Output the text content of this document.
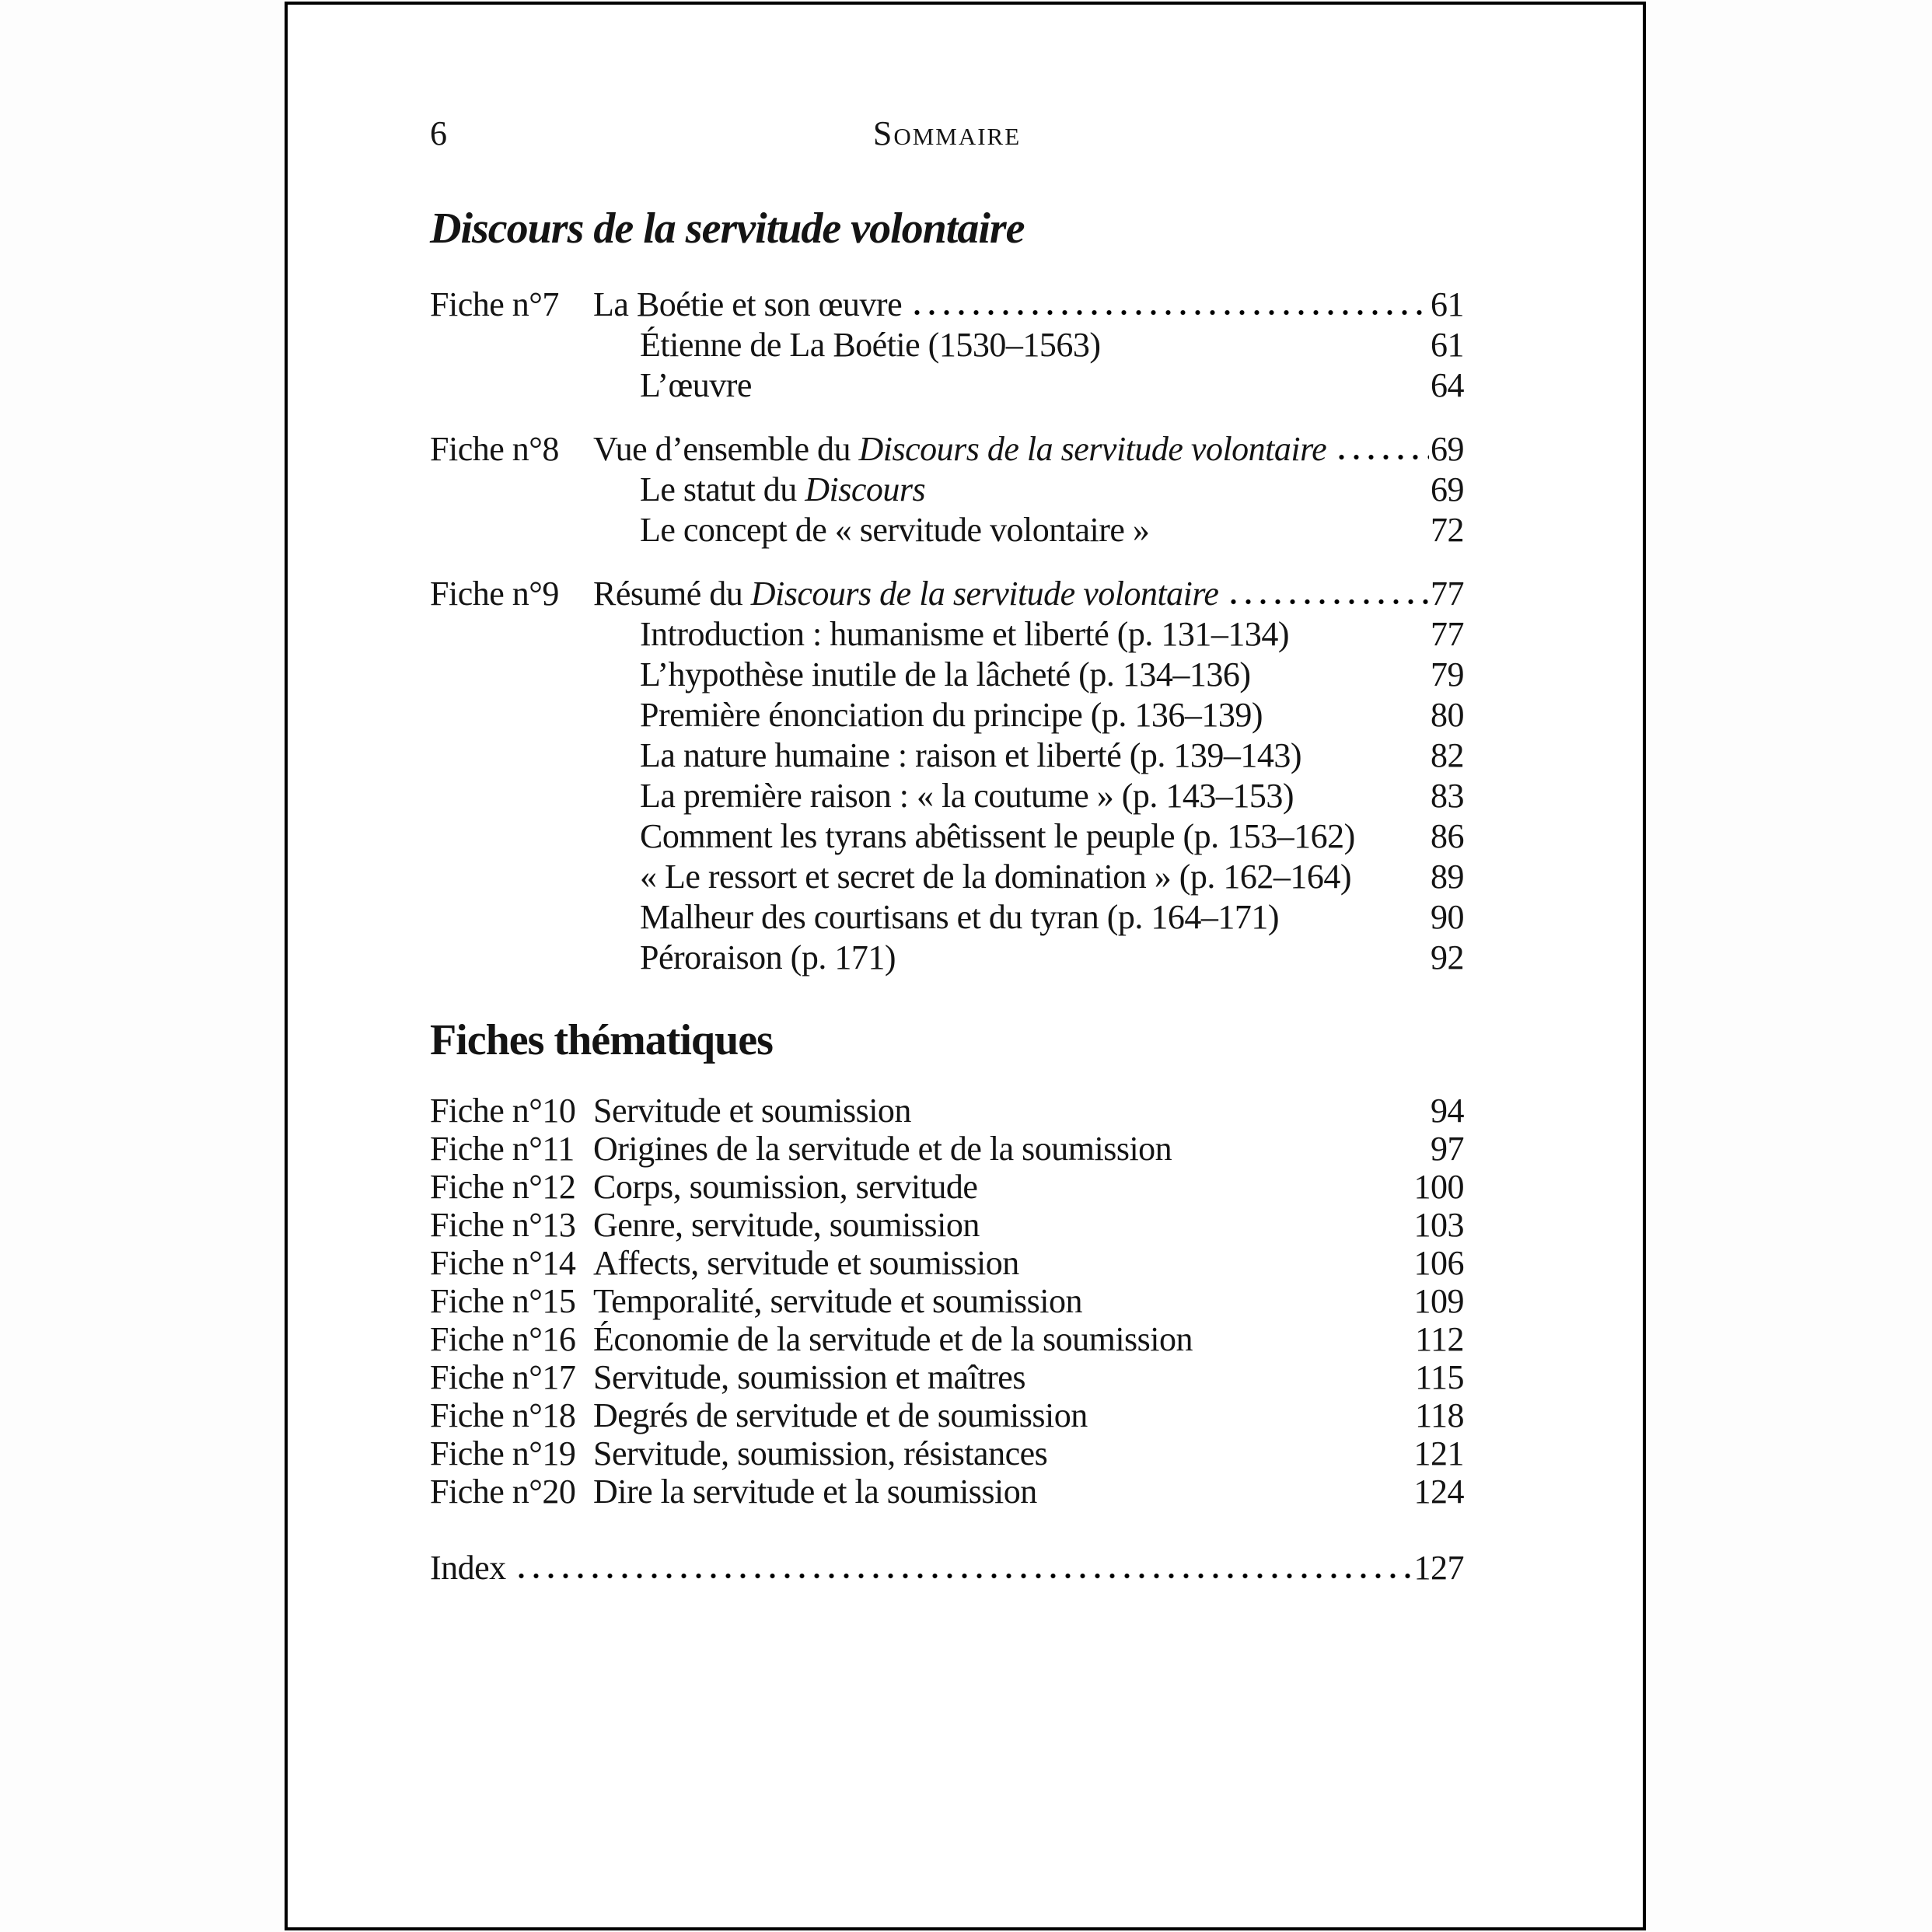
6	Sommaire
Discours de la servitude volontaire
Fiche n°7	La Boétie et son œuvre	61
Étienne de La Boétie (1530–1563)	61
L’œuvre	64
Fiche n°8	Vue d’ensemble du Discours de la servitude volontaire	69
Le statut du Discours	69
Le concept de « servitude volontaire »	72
Fiche n°9	Résumé du Discours de la servitude volontaire	77
Introduction : humanisme et liberté (p. 131–134)	77
L’hypothèse inutile de la lâcheté (p. 134–136)	79
Première énonciation du principe (p. 136–139)	80
La nature humaine : raison et liberté (p. 139–143)	82
La première raison : « la coutume » (p. 143–153)	83
Comment les tyrans abêtissent le peuple (p. 153–162)	86
« Le ressort et secret de la domination » (p. 162–164)	89
Malheur des courtisans et du tyran (p. 164–171)	90
Péroraison (p. 171)	92
Fiches thématiques
Fiche n°10 Servitude et soumission	94
Fiche n°11 Origines de la servitude et de la soumission	97
Fiche n°12 Corps, soumission, servitude	100
Fiche n°13 Genre, servitude, soumission	103
Fiche n°14 Affects, servitude et soumission	106
Fiche n°15 Temporalité, servitude et soumission	109
Fiche n°16 Économie de la servitude et de la soumission	112
Fiche n°17 Servitude, soumission et maîtres	115
Fiche n°18 Degrés de servitude et de soumission	118
Fiche n°19 Servitude, soumission, résistances	121
Fiche n°20 Dire la servitude et la soumission	124
Index	127
